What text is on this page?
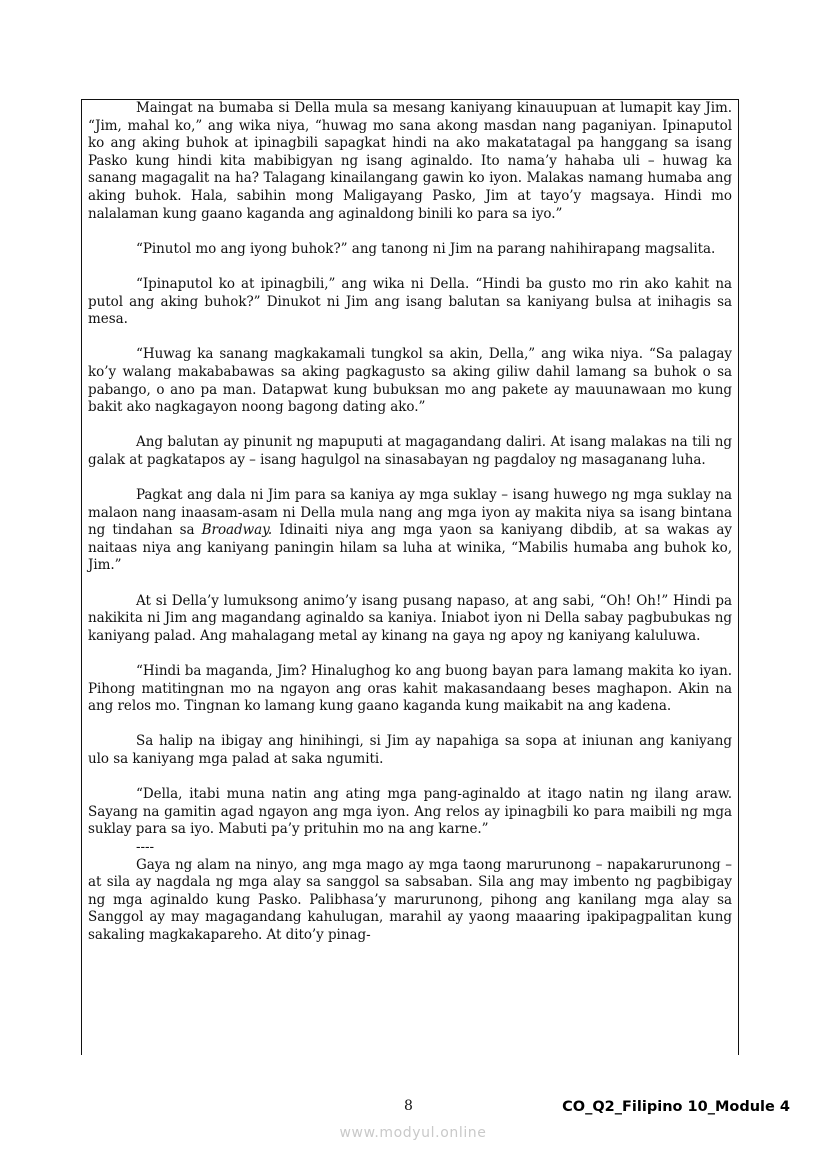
Maingat na bumaba si Della mula sa mesang kaniyang kinauupuan at lumapit kay Jim. “Jim, mahal ko,” ang wika niya, “huwag mo sana akong masdan nang paganiyan. Ipinaputol ko ang aking buhok at ipinagbili sapagkat hindi na ako makatatagal pa hanggang sa isang Pasko kung hindi kita mabibigyan ng isang aginaldo. Ito nama’y hahaba uli – huwag ka sanang magagalit na ha? Talagang kinailangang gawin ko iyon. Malakas namang humaba ang aking buhok. Hala, sabihin mong Maligayang Pasko, Jim at tayo’y magsaya. Hindi mo nalalaman kung gaano kaganda ang aginaldong binili ko para sa iyo.”

“Pinutol mo ang iyong buhok?” ang tanong ni Jim na parang nahihirapang magsalita.

“Ipinaputol ko at ipinagbili,” ang wika ni Della. “Hindi ba gusto mo rin ako kahit na putol ang aking buhok?” Dinukot ni Jim ang isang balutan sa kaniyang bulsa at inihagis sa mesa.

“Huwag ka sanang magkakamali tungkol sa akin, Della,” ang wika niya. “Sa palagay ko’y walang makababawas sa aking pagkagusto sa aking giliw dahil lamang sa buhok o sa pabango, o ano pa man. Datapwat kung bubuksan mo ang pakete ay mauunawaan mo kung bakit ako nagkagayon noong bagong dating ako.”

Ang balutan ay pinunit ng mapuputi at magagandang daliri. At isang malakas na tili ng galak at pagkatapos ay – isang hagulgol na sinasabayan ng pagdaloy ng masaganang luha.

Pagkat ang dala ni Jim para sa kaniya ay mga suklay – isang huwego ng mga suklay na malaon nang inaasam-asam ni Della mula nang ang mga iyon ay makita niya sa isang bintana ng tindahan sa Broadway. Idinaiti niya ang mga yaon sa kaniyang dibdib, at sa wakas ay naitaas niya ang kaniyang paningin hilam sa luha at winika, “Mabilis humaba ang buhok ko, Jim.”

At si Della’y lumuksong animo’y isang pusang napaso, at ang sabi, “Oh! Oh!” Hindi pa nakikita ni Jim ang magandang aginaldo sa kaniya. Iniabot iyon ni Della sabay pagbubukas ng kaniyang palad. Ang mahalagang metal ay kinang na gaya ng apoy ng kaniyang kaluluwa.

“Hindi ba maganda, Jim? Hinalughog ko ang buong bayan para lamang makita ko iyan. Pihong matitingnan mo na ngayon ang oras kahit makasandaang beses maghapon. Akin na ang relos mo. Tingnan ko lamang kung gaano kaganda kung maikabit na ang kadena.

Sa halip na ibigay ang hinihingi, si Jim ay napahiga sa sopa at iniunan ang kaniyang ulo sa kaniyang mga palad at saka ngumiti.

“Della, itabi muna natin ang ating mga pang-aginaldo at itago natin ng ilang araw. Sayang na gamitin agad ngayon ang mga iyon. Ang relos ay ipinagbili ko para maibili ng mga suklay para sa iyo. Mabuti pa’y prituhin mo na ang karne.”

----

Gaya ng alam na ninyo, ang mga mago ay mga taong marurunong – napakarurunong – at sila ay nagdala ng mga alay sa sanggol sa sabsaban. Sila ang may imbento ng pagbibigay ng mga aginaldo kung Pasko. Palibhasa’y marurunong, pihong ang kanilang mga alay sa Sanggol ay may magagandang kahulugan, marahil ay yaong maaaring ipakipagpalitan kung sakaling magkakapareho. At dito’y pinag-

8	CO_Q2_Filipino 10_Module 4
www.modyul.online
